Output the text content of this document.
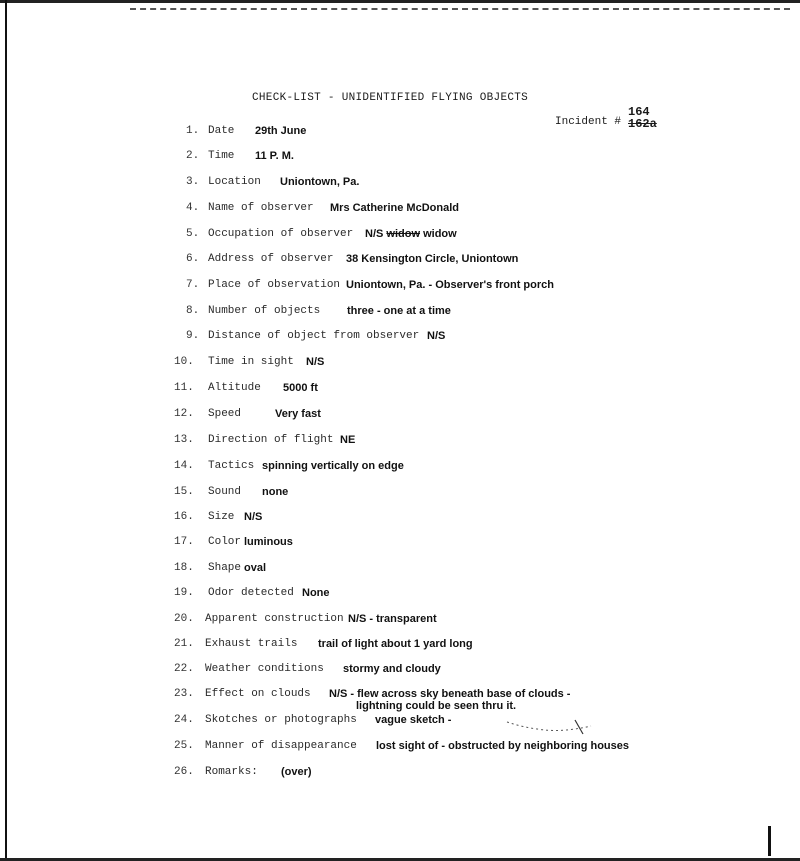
CHECK-LIST - UNIDENTIFIED FLYING OBJECTS
Incident #
164
162a
1. Date 29th June
2. Time 11 P. M.
3. Location Uniontown, Pa.
4. Name of observer Mrs Catherine McDonald
5. Occupation of observer N/S widow widow
6. Address of observer 38 Kensington Circle, Uniontown
7. Place of observation Uniontown, Pa. - Observer's front porch
8. Number of objects three - one at a time
9. Distance of object from observer N/S
10. Time in sight N/S
11. Altitude 5000 ft
12. Speed	Very fast
13. Direction of flight NE
14. Tactics spinning vertically on edge
15. Sound none
16. Size N/S
17. Color luminous
18. Shape oval
19. Odor detected None
20. Apparent construction N/S - transparent
21. Exhaust trails trail of light about 1 yard long
22. Weather conditions stormy and cloudy
23. Effect on clouds N/S - flew across sky beneath base of clouds -
lightning could be seen thru it.
24. Skotches or photographs vague sketch -
25. Manner of disappearance lost sight of - obstructed by neighboring houses
26. Romarks: (over)
